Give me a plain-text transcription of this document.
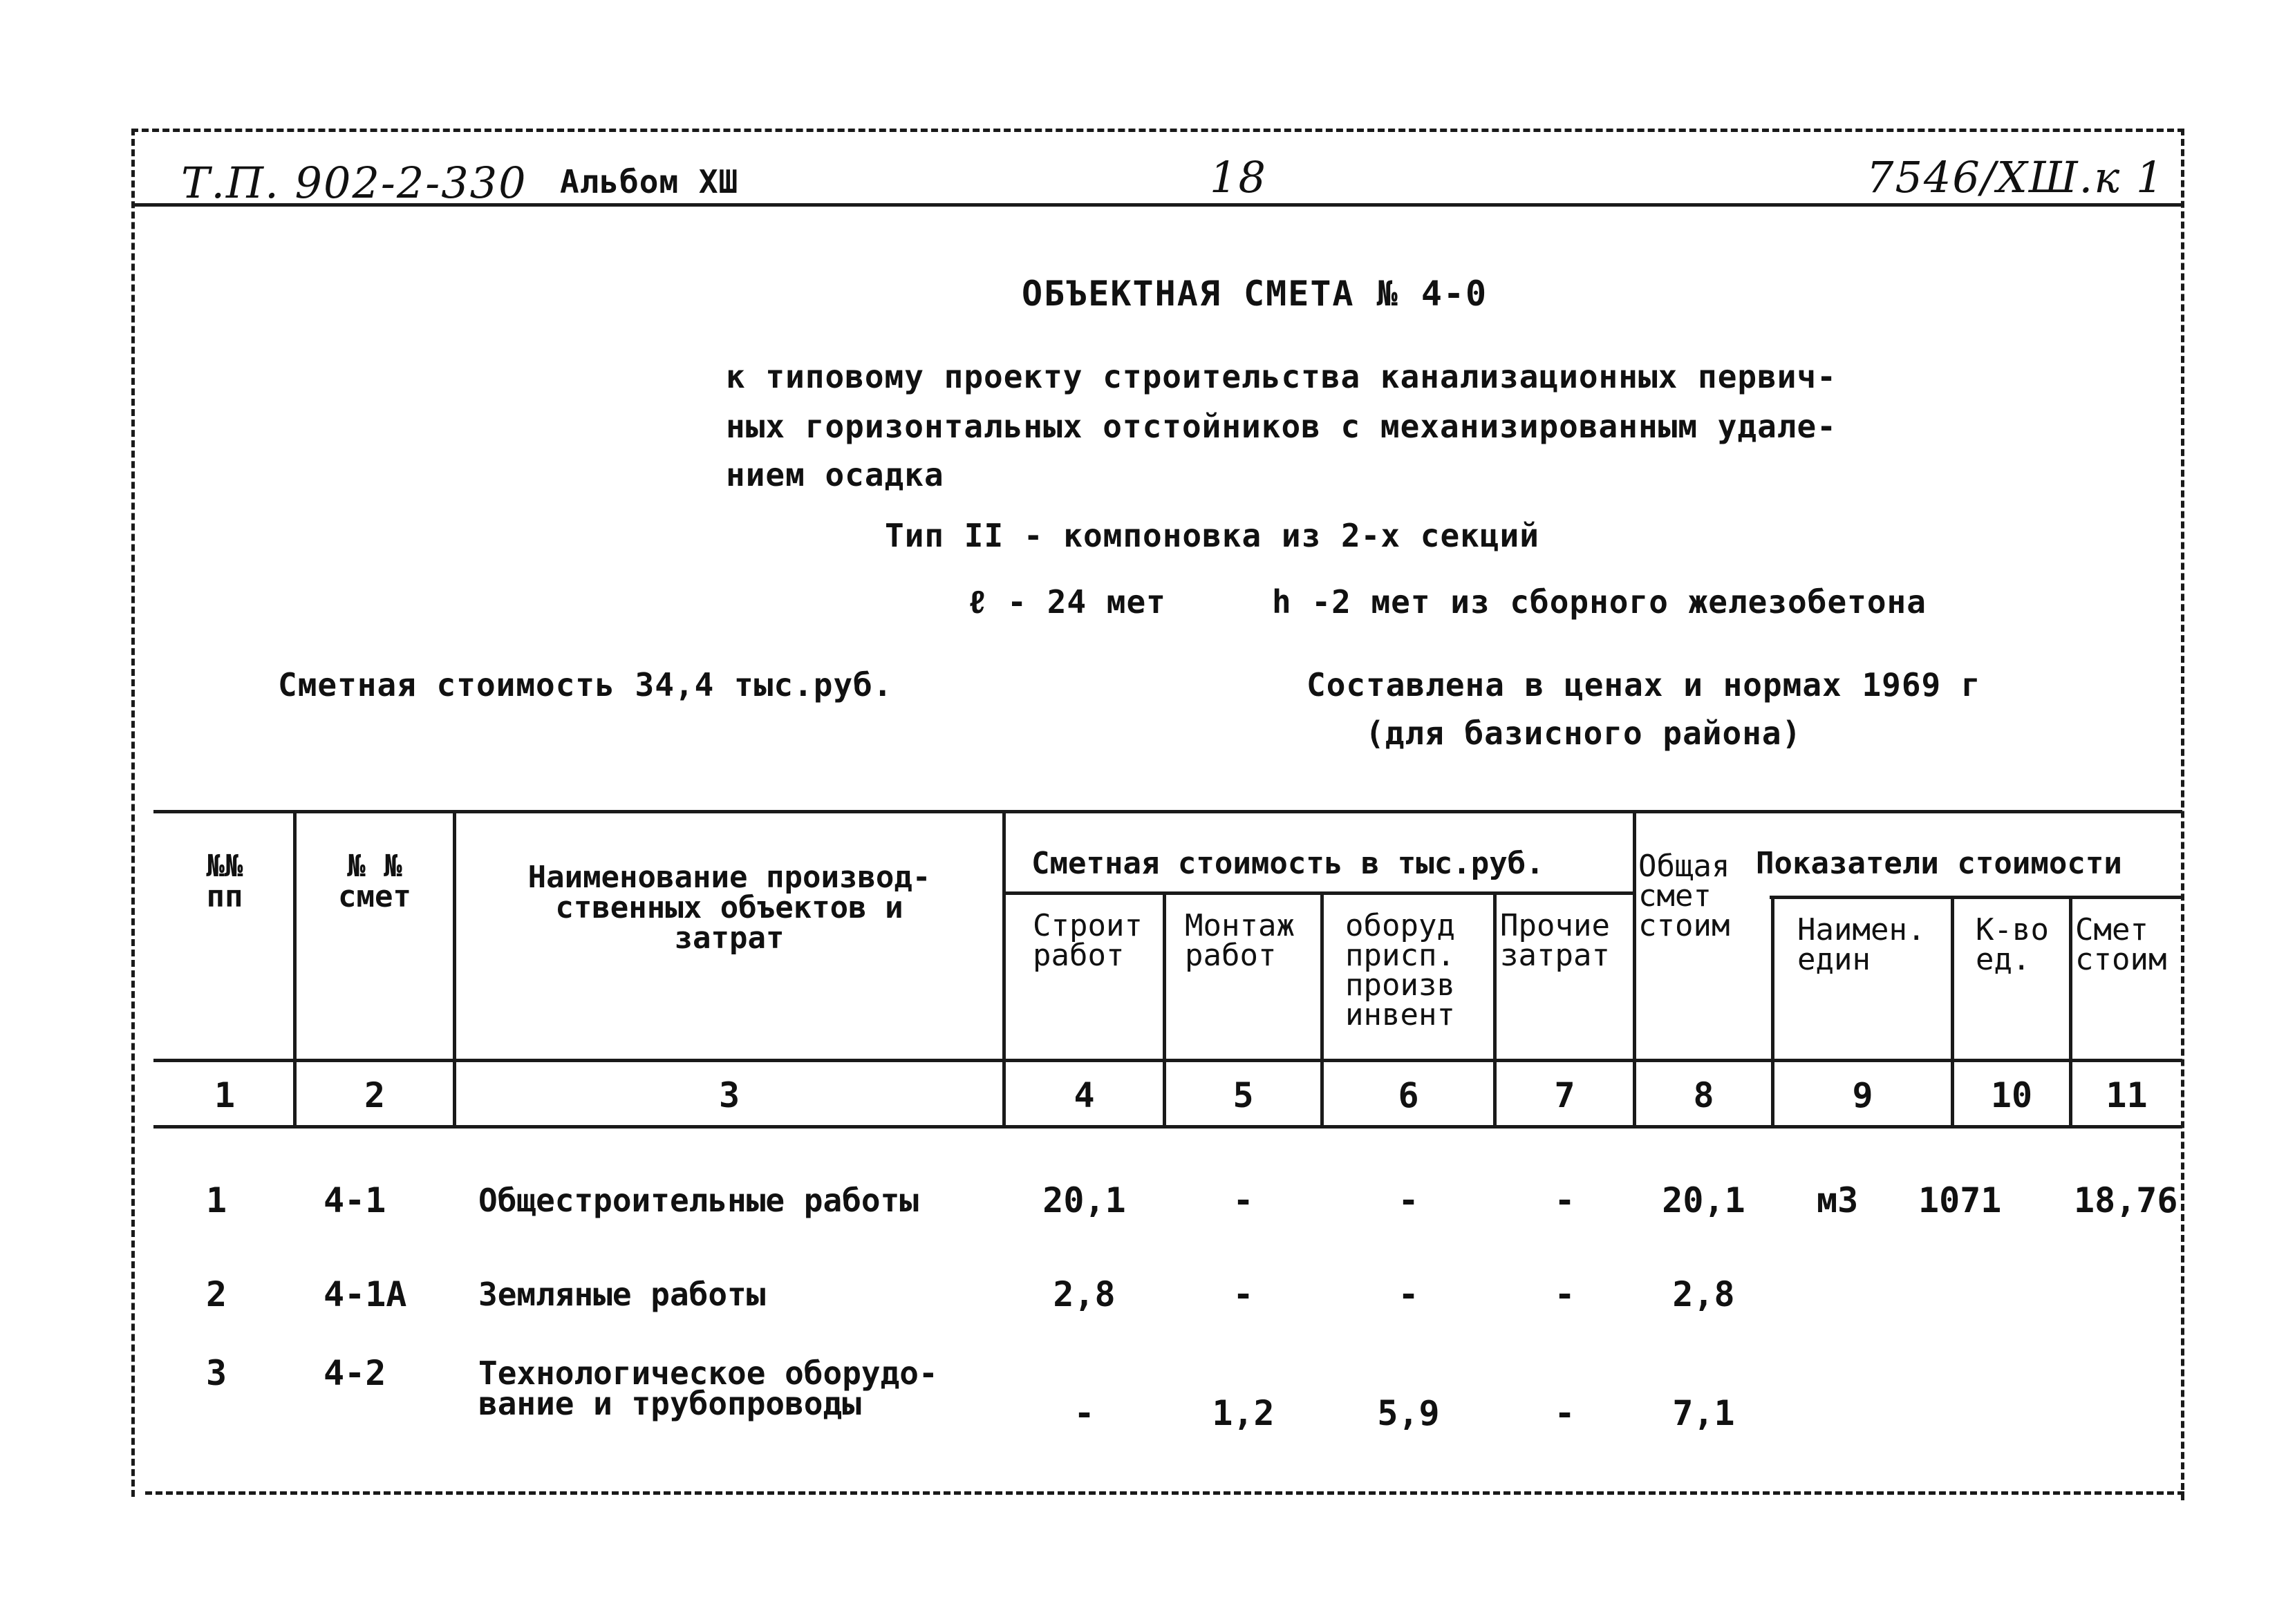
Т.П. 902-2-330 Альбом XШ	18	7546/XШ.к 1
ОБЪЕКТНАЯ СМЕТА № 4-0
к типовому проекту строительства канализационных первич-
ных горизонтальных отстойников с механизированным удале-
нием осадка
Тип II - компоновка из 2-х секций
ℓ - 24 мет	h -2 мет из сборного железобетона
Сметная стоимость 34,4 тыс.руб.	Составлена в ценах и нормах 1969 г
(для базисного района)
№№
пп
№ №
смет
Наименование производ-
ственных объектов и
затрат
Сметная стоимость в тыс.руб.
Строит
работ
Монтаж
работ
оборуд
присп.
произв
инвент
Прочие
затрат
Общая
смет
стоим
Показатели стоимости
Наимен.
един
К-во
ед.
Смет
стоим
1	2	3	4	5	6	7	8	9	10	11
1	4-1	Общестроительные работы	20,1	-	-	-	20,1	м3 1071 18,76
2	4-1А Земляные работы	2,8	-	-	-	2,8
3	4-2	Технологическое оборудо-
вание и трубопроводы	-	1,2	5,9	-	7,1
